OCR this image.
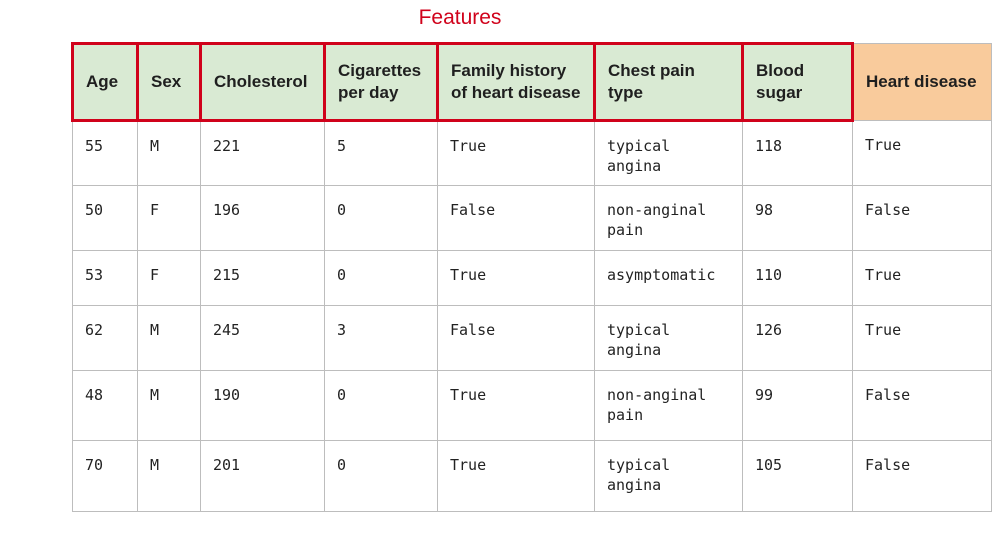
Features
Age	Sex	Cholesterol	Cigarettes per day	Family history of heart disease	Chest pain type	Blood sugar	Heart disease
55	M	221	5	True	typical angina	118	True
50	F	196	0	False	non-anginal pain	98	False
53	F	215	0	True	asymptomatic	110	True
62	M	245	3	False	typical angina	126	True
48	M	190	0	True	non-anginal pain	99	False
70	M	201	0	True	typical angina	105	False
